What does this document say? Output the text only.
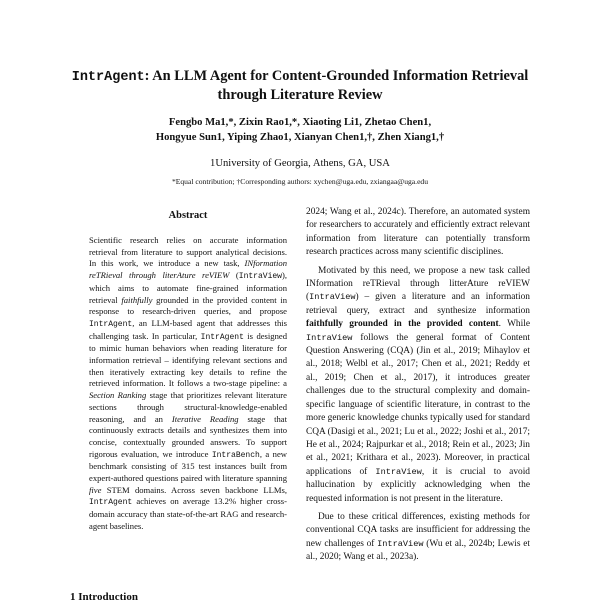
IntrAgent: An LLM Agent for Content-Grounded Information Retrieval
through Literature Review
Fengbo Ma1,*, Zixin Rao1,*, Xiaoting Li1, Zhetao Chen1,
Hongyue Sun1, Yiping Zhao1, Xianyan Chen1,†, Zhen Xiang1,†
1University of Georgia, Athens, GA, USA
*Equal contribution; †Corresponding authors: xychen@uga.edu, zxiangaa@uga.edu
Abstract
Scientific research relies on accurate information retrieval from literature to support analytical decisions. In this work, we introduce a new task, INformation reTRieval through literAture reVIEW (IntraView), which aims to automate fine-grained information retrieval faithfully grounded in the provided content in response to research-driven queries, and propose IntrAgent, an LLM-based agent that addresses this challenging task. In particular, IntrAgent is designed to mimic human behaviors when reading literature for information retrieval – identifying relevant sections and then iteratively extracting key details to refine the retrieved information. It follows a two-stage pipeline: a Section Ranking stage that prioritizes relevant literature sections through structural-knowledge-enabled reasoning, and an Iterative Reading stage that continuously extracts details and synthesizes them into concise, contextually grounded answers. To support rigorous evaluation, we introduce IntraBench, a new benchmark consisting of 315 test instances built from expert-authored questions paired with literature spanning five STEM domains. Across seven backbone LLMs, IntrAgent achieves on average 13.2% higher cross-domain accuracy than state-of-the-art RAG and research-agent baselines.

2024; Wang et al., 2024c). Therefore, an automated system for researchers to accurately and efficiently extract relevant information from literature can potentially transform research practices across many scientific disciplines.

Motivated by this need, we propose a new task called INformation reTRieval through litterAture reVIEW (IntraView) – given a literature and an information retrieval query, extract and synthesize information faithfully grounded in the provided content. While IntraView follows the general format of Content Question Answering (CQA) (Jin et al., 2019; Mihaylov et al., 2018; Welbl et al., 2017; Chen et al., 2021; Reddy et al., 2019; Chen et al., 2017), it introduces greater challenges due to the structural complexity and domain-specific language of scientific literature, in contrast to the more generic knowledge chunks typically used for standard CQA (Dasigi et al., 2021; Lu et al., 2022; Joshi et al., 2017; He et al., 2024; Rajpurkar et al., 2018; Rein et al., 2023; Jin et al., 2021; Krithara et al., 2023). Moreover, in practical applications of IntraView, it is crucial to avoid hallucination by explicitly acknowledging when the requested information is not present in the literature.

Due to these critical differences, existing methods for conventional CQA tasks are insufficient for addressing the new challenges of IntraView (Wu et al., 2024b; Lewis et al., 2020; Wang et al., 2023a).

1 Introduction
